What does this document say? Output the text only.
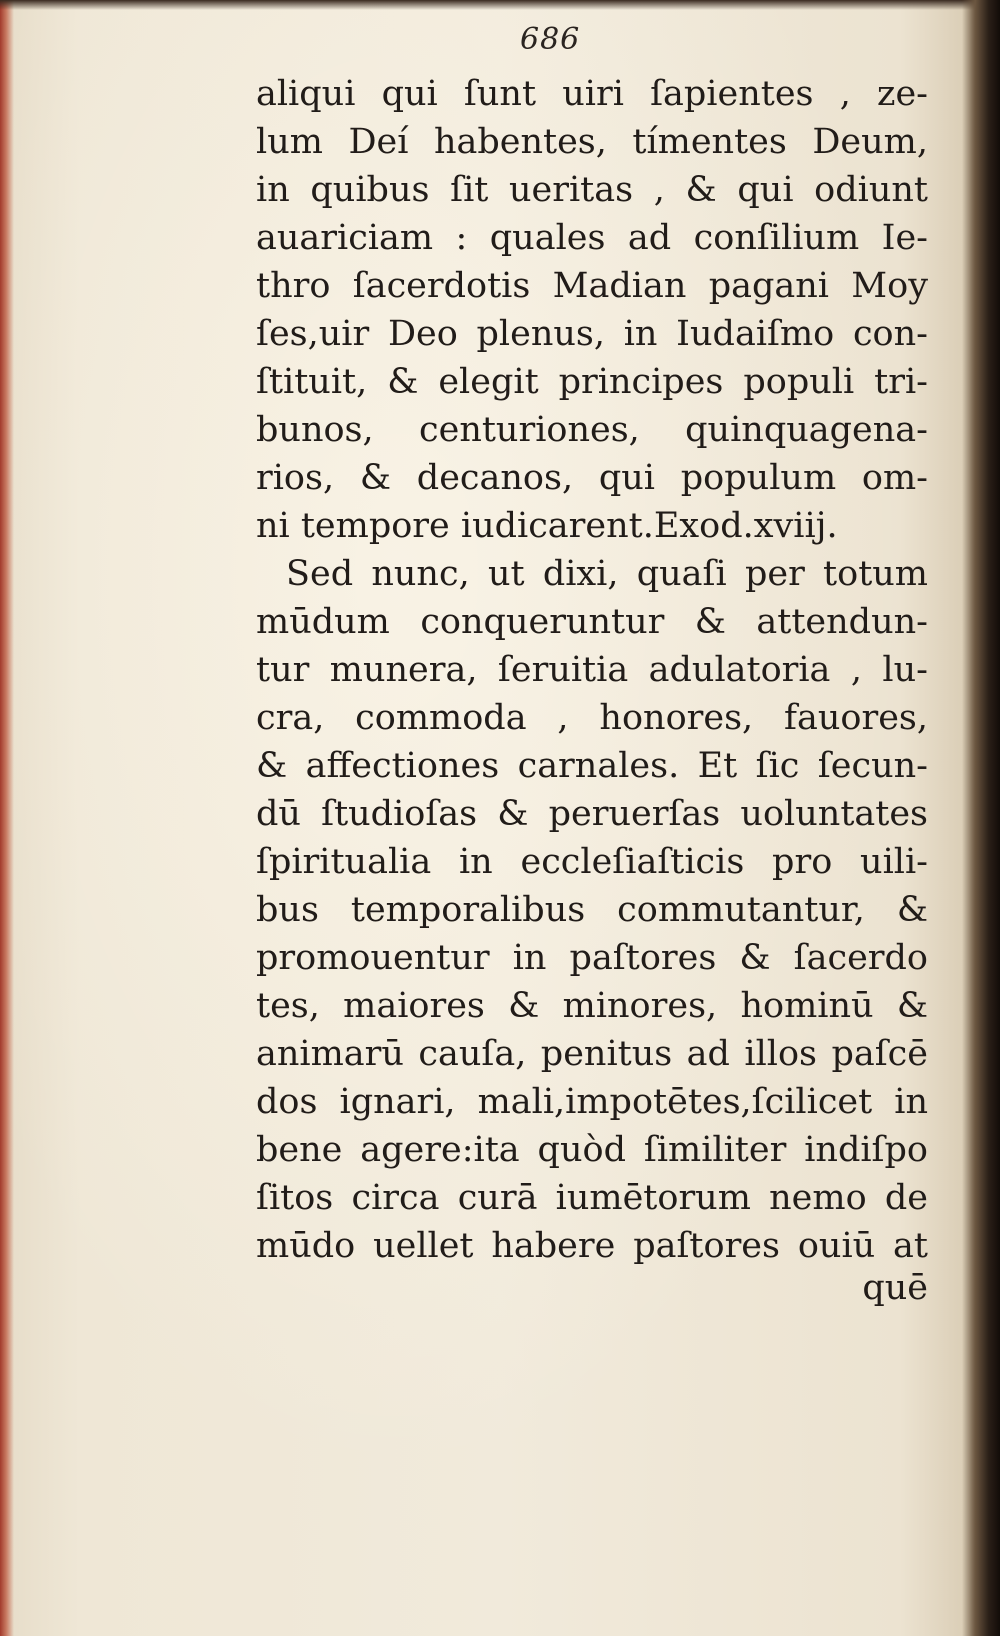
686
aliqui qui ſunt uiri ſapientes , ze-
lum Deí habentes, tímentes Deum,
in quibus ſit ueritas , & qui odiunt
auariciam : quales ad conſilium Ie-
thro ſacerdotis Madian pagani Moy
ſes,uir Deo plenus, in Iudaiſmo con-
ſtituit, & elegit principes populi tri-
bunos, centuriones, quinquagena-
rios, & decanos, qui populum om-
ni tempore iudicarent.Exod.xviij.
Sed nunc, ut dixi, quaſi per totum
mūdum conqueruntur & attendun-
tur munera, ſeruitia adulatoria , lu-
cra, commoda , honores, fauores,
& affectiones carnales. Et ſic ſecun-
dū ſtudioſas & peruerſas uoluntates
ſpiritualia in eccleſiaſticis pro uili-
bus temporalibus commutantur, &
promouentur in paſtores & ſacerdo
tes, maiores & minores, hominū &
animarū cauſa, penitus ad illos paſcē
dos ignari, mali,impotētes,ſcilicet in
bene agere:ita quòd ſimiliter indiſpo
ſitos circa curā iumētorum nemo de
mūdo uellet habere paſtores ouiū at
quē
